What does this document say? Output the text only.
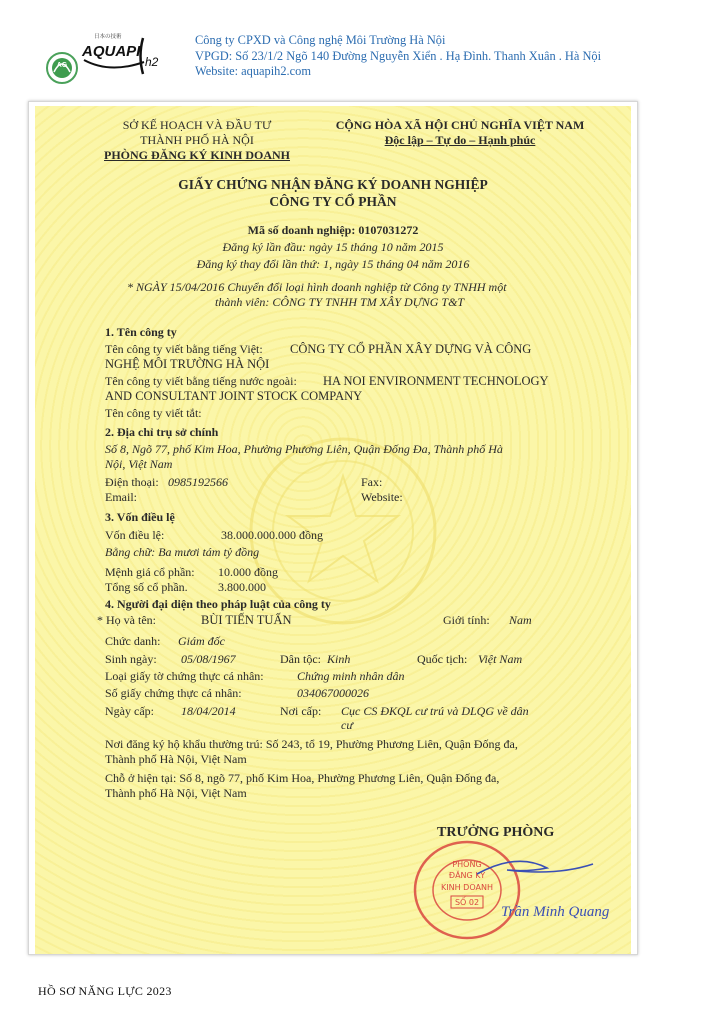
AG
日本の技術
AQUAPI
h2
Công ty CPXD và Công nghệ Môi Trường Hà Nội
VPGD: Số 23/1/2 Ngõ 140 Đường Nguyễn Xiển . Hạ Đình. Thanh Xuân . Hà Nội
Website: aquapih2.com
SỞ KẾ HOẠCH VÀ ĐẦU TƯ
THÀNH PHỐ HÀ NỘI
PHÒNG ĐĂNG KÝ KINH DOANH
CỘNG HÒA XÃ HỘI CHỦ NGHĨA VIỆT NAM
Độc lập – Tự do – Hạnh phúc
GIẤY CHỨNG NHẬN ĐĂNG KÝ DOANH NGHIỆP
CÔNG TY CỔ PHẦN
Mã số doanh nghiệp: 0107031272
Đăng ký lần đầu: ngày 15 tháng 10 năm 2015
Đăng ký thay đổi lần thứ: 1, ngày 15 tháng 04 năm 2016
* NGÀY 15/04/2016 Chuyển đổi loại hình doanh nghiệp từ Công ty TNHH một
thành viên: CÔNG TY TNHH TM XÂY DỰNG T&T
1. Tên công ty
Tên công ty viết bằng tiếng Việt: CÔNG TY CỔ PHẦN XÂY DỰNG VÀ CÔNG
NGHỆ MÔI TRƯỜNG HÀ NỘI
Tên công ty viết bằng tiếng nước ngoài: HA NOI ENVIRONMENT TECHNOLOGY
AND CONSULTANT JOINT STOCK COMPANY
Tên công ty viết tắt:
2. Địa chỉ trụ sở chính
Số 8, Ngõ 77, phố Kim Hoa, Phường Phương Liên, Quận Đống Đa, Thành phố Hà
Nội, Việt Nam
Điện thoại: 0985192566	Fax:
Email:	Website:
3. Vốn điều lệ
Vốn điều lệ:	38.000.000.000 đồng
Bằng chữ: Ba mươi tám tỷ đồng
Mệnh giá cổ phần: 10.000 đồng
Tổng số cổ phần.	3.800.000
4. Người đại diện theo pháp luật của công ty
* Họ và tên:	BÙI TIẾN TUẤN	Giới tính: Nam
Chức danh: Giám đốc
Sinh ngày: 05/08/1967	Dân tộc: Kinh	Quốc tịch: Việt Nam
Loại giấy tờ chứng thực cá nhân:	Chứng minh nhân dân
Số giấy chứng thực cá nhân:	034067000026
Ngày cấp: 18/04/2014	Nơi cấp: Cục CS ĐKQL cư trú và DLQG về dân
cư
Nơi đăng ký hộ khẩu thường trú: Số 243, tổ 19, Phường Phương Liên, Quận Đống đa,
Thành phố Hà Nội, Việt Nam
Chỗ ở hiện tại: Số 8, ngõ 77, phố Kim Hoa, Phường Phương Liên, Quận Đống đa,
Thành phố Hà Nội, Việt Nam
TRƯỞNG PHÒNG
PHÒNG
ĐĂNG KÝ
KINH DOANH
SỐ 02
Trần Minh Quang
HỒ SƠ NĂNG LỰC 2023
